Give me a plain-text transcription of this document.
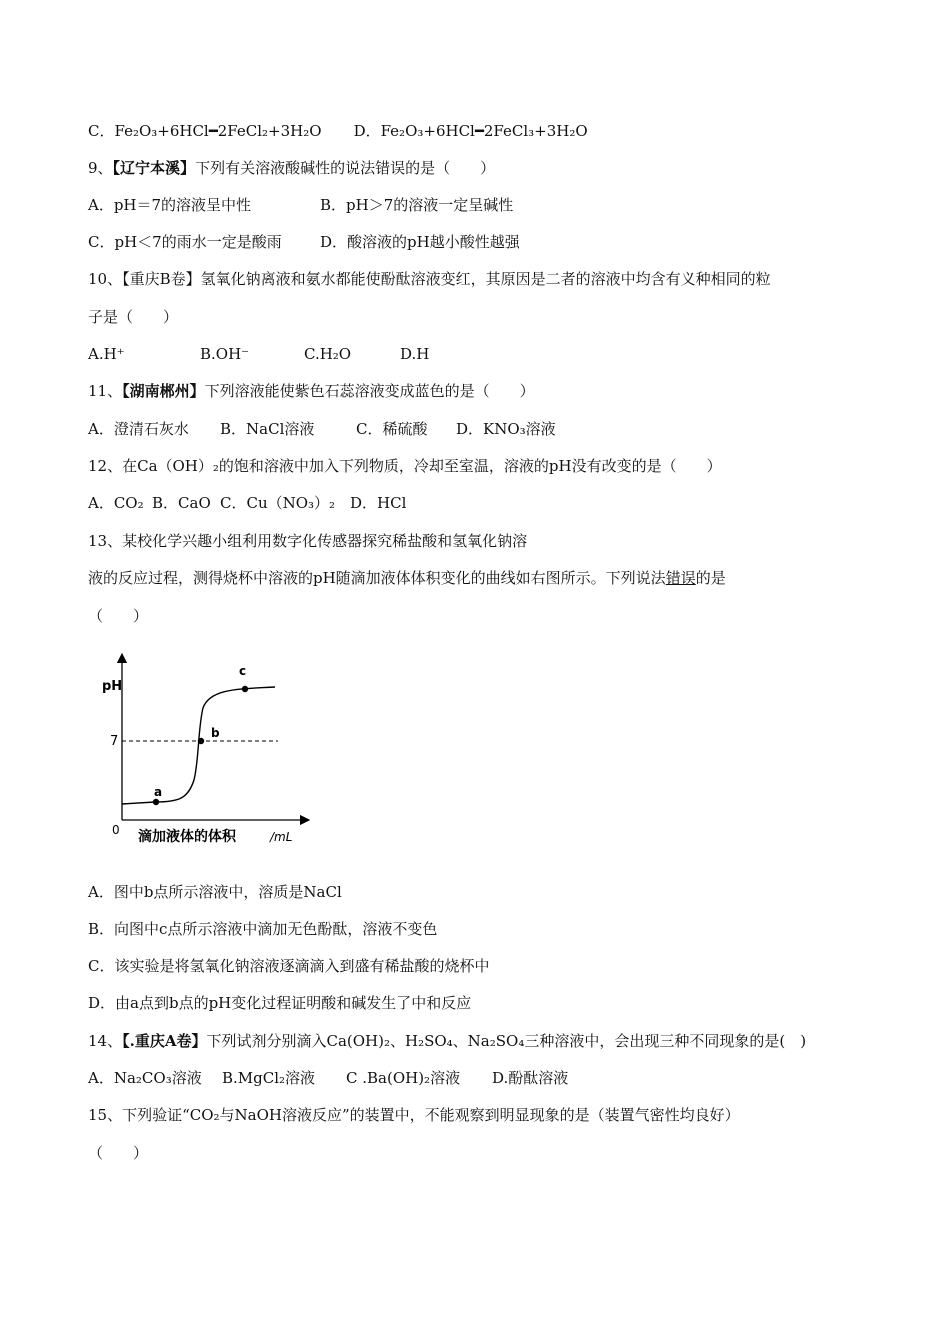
C．Fe₂O₃+6HCl━2FeCl₂+3H₂O D．Fe₂O₃+6HCl━2FeCl₃+3H₂O
9、【辽宁本溪】下列有关溶液酸碱性的说法错误的是（　　）
A．pH＝7的溶液呈中性	B．pH＞7的溶液一定呈碱性
C．pH＜7的雨水一定是酸雨	D．酸溶液的pH越小酸性越强
10、【重庆B卷】氢氧化钠离液和氨水都能使酚酞溶液变红，其原因是二者的溶液中均含有义种相同的粒
子是（　　）
A.H⁺	B.OH⁻	C.H₂O	D.H
11、【湖南郴州】下列溶液能使紫色石蕊溶液变成蓝色的是（　　）
A．澄清石灰水 B．NaCl溶液	C．稀硫酸 D．KNO₃溶液
12、在Ca（OH）₂的饱和溶液中加入下列物质，冷却至室温，溶液的pH没有改变的是（　　）
A．CO₂ B．CaO C．Cu（NO₃）₂ D．HCl
13、某校化学兴趣小组利用数字化传感器探究稀盐酸和氢氧化钠溶
液的反应过程，测得烧杯中溶液的pH随滴加液体体积变化的曲线如右图所示。下列说法错误的是
（　　）
pH
7
0
a
b
c
滴加液体的体积	/mL
A．图中b点所示溶液中，溶质是NaCl
B．向图中c点所示溶液中滴加无色酚酞，溶液不变色
C．该实验是将氢氧化钠溶液逐滴滴入到盛有稀盐酸的烧杯中
D．由a点到b点的pH变化过程证明酸和碱发生了中和反应
14、【.重庆A卷】下列试剂分别滴入Ca(OH)₂、H₂SO₄、Na₂SO₄三种溶液中，会出现三种不同现象的是(　)
A．Na₂CO₃溶液 B.MgCl₂溶液 C .Ba(OH)₂溶液 D.酚酞溶液
15、下列验证“CO₂与NaOH溶液反应”的装置中，不能观察到明显现象的是（装置气密性均良好）
（　　）
